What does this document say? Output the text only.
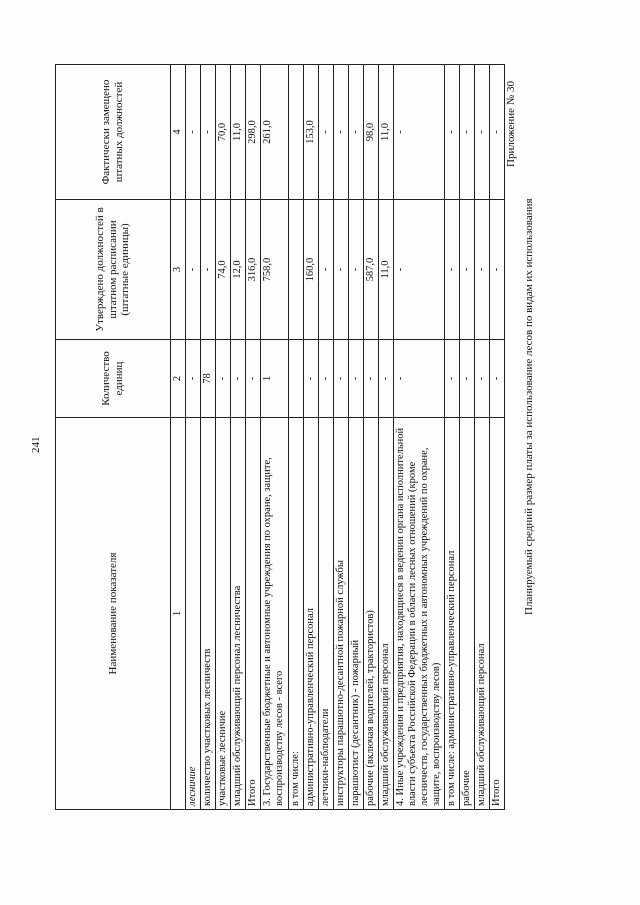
241
Наименование показателя	Количество единиц	Утверждено должностей в штатном расписании (штатные единицы)	Фактически замещено штатных должностей
1	2	3	4
лесничие	-	-	-
количество участковых лесничеств	78	-	-
участковые лесничие	-	74,0	70,0
младший обслуживающий персонал лесничества	-	12,0	11,0
Итого	-	316,0	298,0
3. Государственные бюджетные и автономные учреждения по охране, защите, воспроизводству лесов - всего	1	758,0	261,0
в том числе:			
административно-управленческий персонал	-	160,0	153,0
летчики-наблюдатели	-	-	-
инструкторы парашютно-десантной пожарной службы	-	-	-
парашютист (десантник) - пожарный	-	-	-
рабочие (включая водителей, трактористов)	-	587,0	98,0
младший обслуживающий персонал	-	11,0	11,0
4. Иные учреждения и предприятия, находящиеся в ведении органа исполнительной власти субъекта Российской Федерации в области лесных отношений (кроме лесничеств, государственных бюджетных и автономных учреждений по охране, защите, воспроизводству лесов)	-	-	-
в том числе: административно-управленческий персонал	-	-	-
рабочие	-	-	-
младший обслуживающий персонал	-	-	-
Итого	-	-	- Приложение № 30
Планируемый средний размер платы за использование лесов по видам их использования
